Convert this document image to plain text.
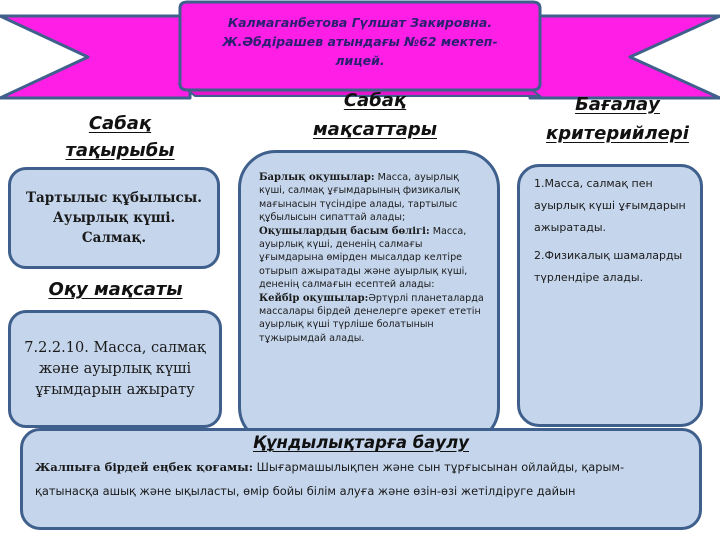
Калмаганбетова Гүлшат Закировна.
Ж.Әбдірашев атындағы №62 мектеп-
лицей.
Сабақ
тақырыбы
Сабақ
мақсаттары
Бағалау
критерийлері
Оқу мақсаты
Тартылыс құбылысы.
Ауырлық күші.
Салмақ.
7.2.2.10. Масса, салмақ және ауырлық күші ұғымдарын ажырату
Барлық оқушылар: Масса, ауырлық күші, салмақ ұғымдарының физикалық мағынасын түсіндіре алады, тартылыс құбылысын сипаттай алады;
Оқушылардың басым бөлігі: Масса, ауырлық күші, дененің салмағы ұғымдарына өмірден мысалдар келтіре отырып ажыратады және ауырлық күші, дененің салмағын есептей алады:
Кейбір оқушылар:Әртүрлі планеталарда массалары бірдей денелерге әрекет ететін ауырлық күші түрліше болатынын тұжырымдай алады.

1.Масса, салмақ пен ауырлық күші ұғымдарын ажыратады.

2.Физикалық шамаларды түрлендіре алады.

Құндылықтарға баулу
Жалпыға бірдей еңбек қоғамы: Шығармашылықпен және сын тұрғысынан ойлайды, қарым-қатынасқа ашық және ықыласты, өмір бойы білім алуға және өзін-өзі жетілдіруге дайын
